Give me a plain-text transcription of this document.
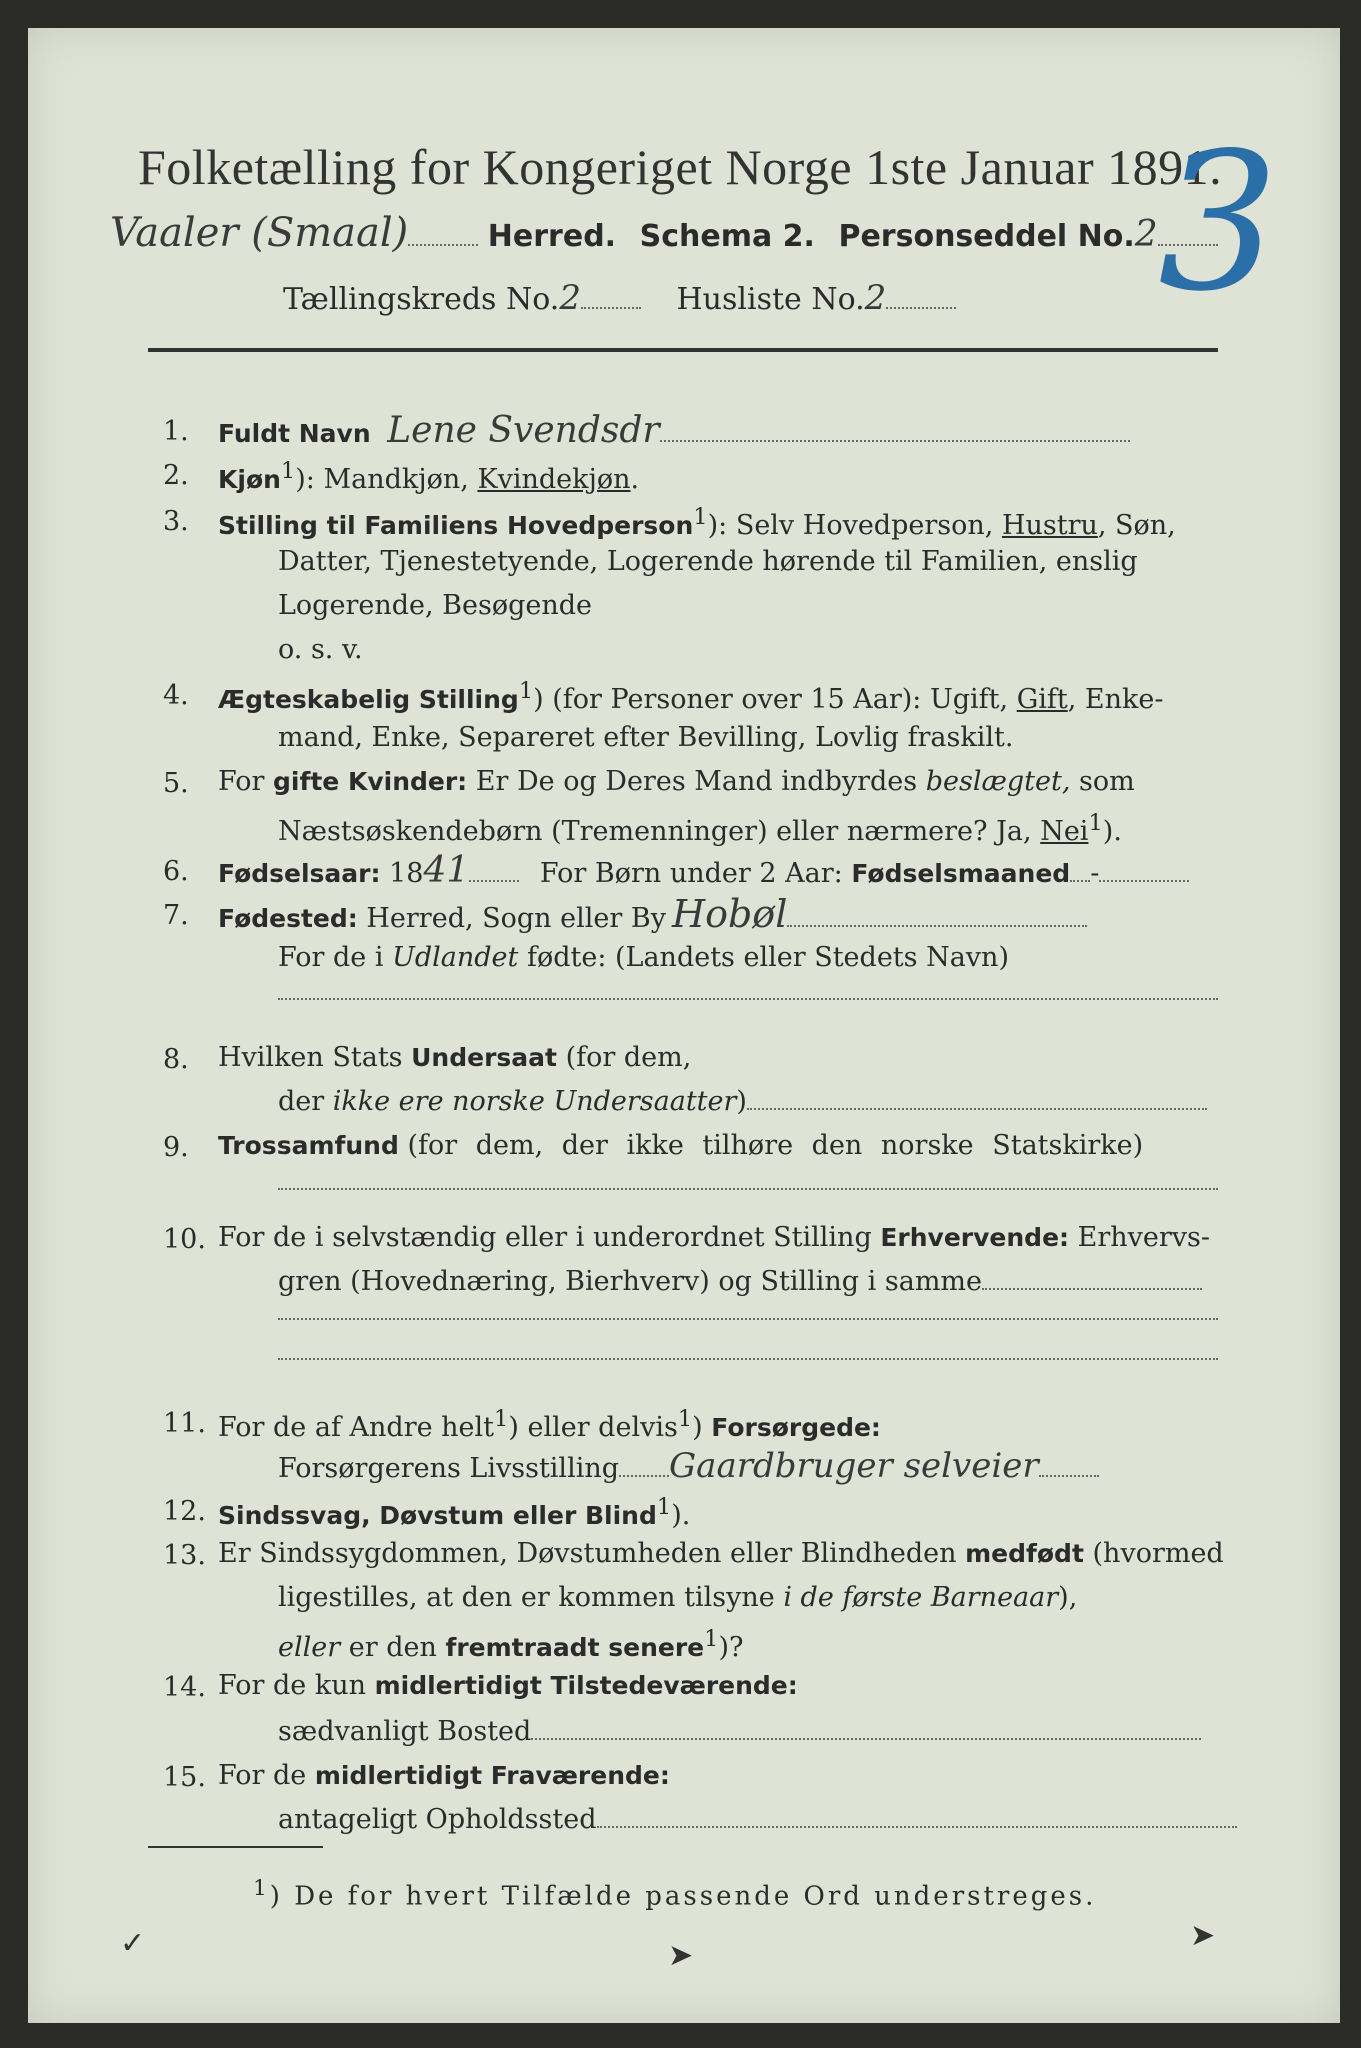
Folketælling for Kongeriget Norge 1ste Januar 1891.
3
Vaaler (Smaal)	Herred. Schema 2. Personseddel No.2
Tællingskreds No.2	Husliste No.2
1. Fuldt Navn Lene Svendsdr
2. Kjøn$^1$): Mandkjøn, Kvindekjøn.
3. Stilling til Familiens Hovedperson$^1$): Selv Hovedperson, Hustru, Søn,
Datter, Tjenestetyende, Logerende hørende til Familien, enslig
Logerende, Besøgende
o. s. v.
4. Ægteskabelig Stilling$^1$) (for Personer over 15 Aar): Ugift, Gift, Enke-
mand, Enke, Separeret efter Bevilling, Lovlig fraskilt.
5. For gifte Kvinder: Er De og Deres Mand indbyrdes beslægtet, som
Næstsøskendebørn (Tremenninger) eller nærmere? Ja, Nei$^1$).
6. Fødselsaar: 1841	For Børn under 2 Aar: Fødselsmaaned -
7. Fødested: Herred, Sogn eller By Hobøl
For de i Udlandet fødte: (Landets eller Stedets Navn)
8. Hvilken Stats Undersaat (for dem,
der ikke ere norske Undersaatter)
9. Trossamfund (for dem, der ikke tilhøre den norske Statskirke)
10. For de i selvstændig eller i underordnet Stilling Erhvervende: Erhvervs-
gren (Hovednæring, Bierhverv) og Stilling i samme
11. For de af Andre helt$^1$) eller delvis$^1$) Forsørgede:
Forsørgerens Livsstilling Gaardbruger selveier
12. Sindssvag, Døvstum eller Blind$^1$).
13. Er Sindssygdommen, Døvstumheden eller Blindheden medfødt (hvormed
ligestilles, at den er kommen tilsyne i de første Barneaar),
eller er den fremtraadt senere$^1$)?
14. For de kun midlertidigt Tilstedeværende:
sædvanligt Bosted
15. For de midlertidigt Fraværende:
antageligt Opholdssted
$^1$) De for hvert Tilfælde passende Ord understreges.
✓	➤
➤
